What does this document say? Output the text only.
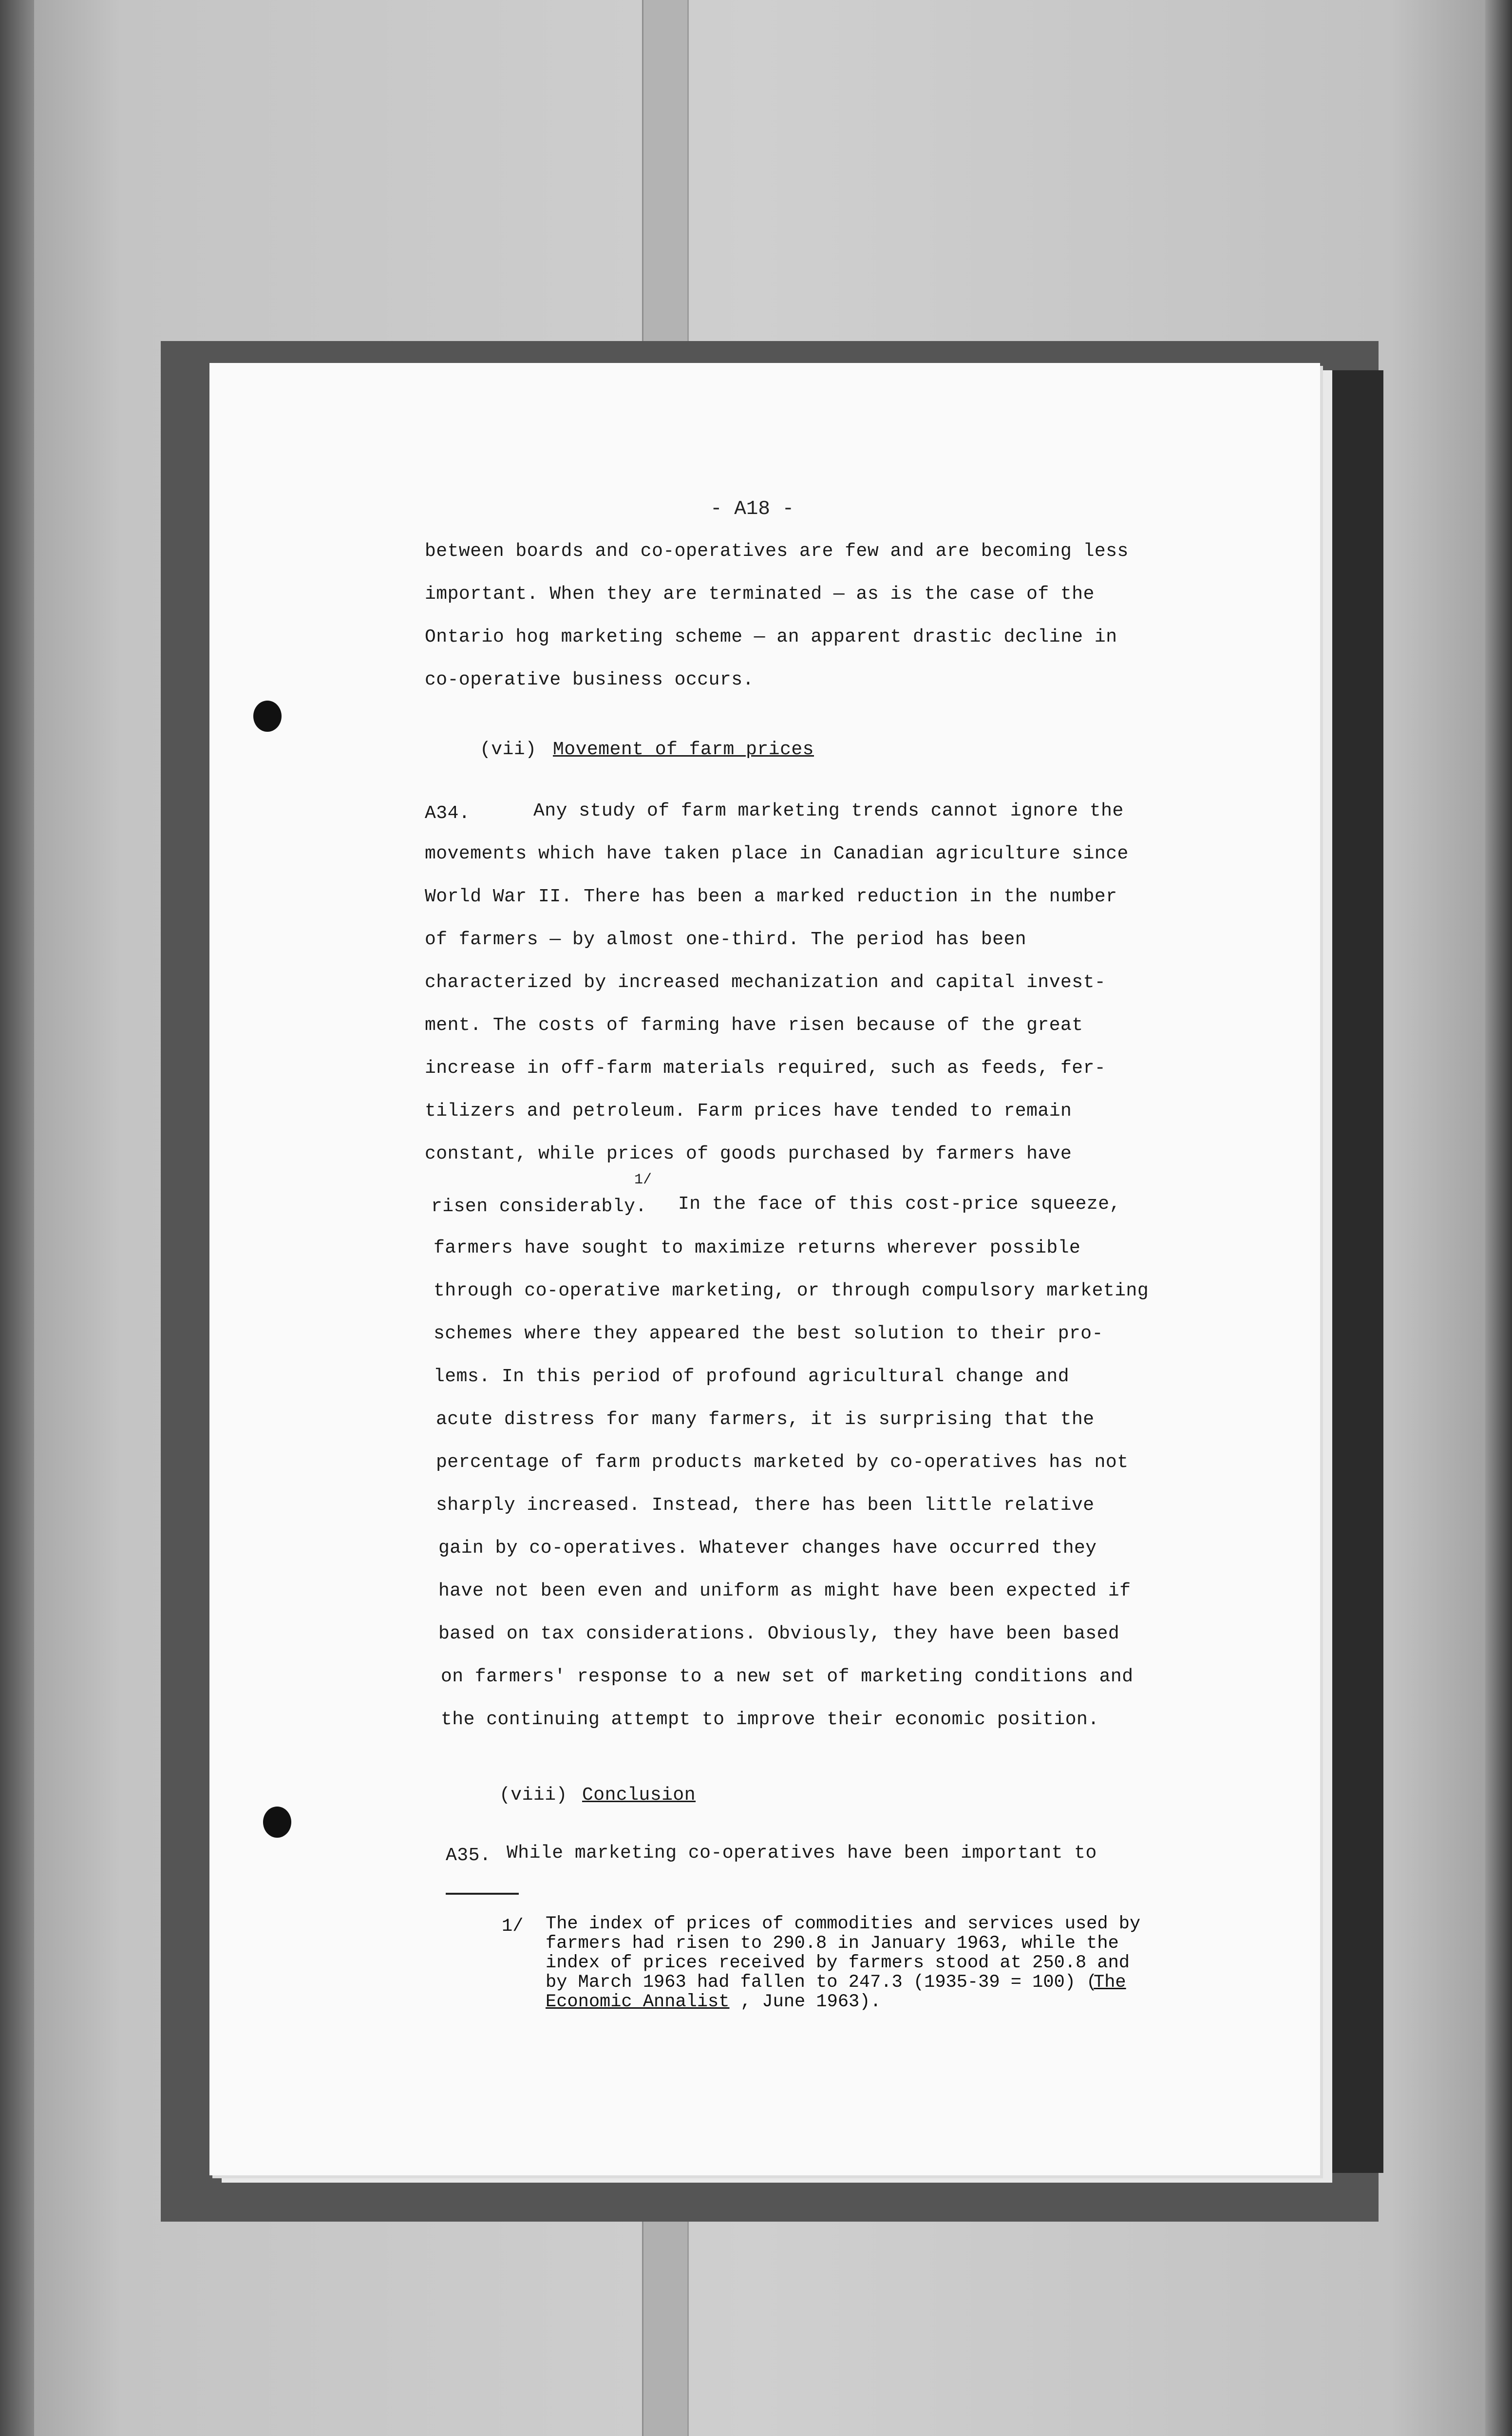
- A18 -
between boards and co-operatives are few and are becoming less
important. When they are terminated — as is the case of the
Ontario hog marketing scheme — an apparent drastic decline in
co-operative business occurs.
(vii) Movement of farm prices
A34.	Any study of farm marketing trends cannot ignore the
movements which have taken place in Canadian agriculture since
World War II. There has been a marked reduction in the number
of farmers — by almost one-third. The period has been
characterized by increased mechanization and capital invest-
ment. The costs of farming have risen because of the great
increase in off-farm materials required, such as feeds, fer-
tilizers and petroleum. Farm prices have tended to remain
constant, while prices of goods purchased by farmers have
risen considerably.
1/
In the face of this cost-price squeeze,
farmers have sought to maximize returns wherever possible
through co-operative marketing, or through compulsory marketing
schemes where they appeared the best solution to their pro-
lems. In this period of profound agricultural change and
acute distress for many farmers, it is surprising that the
percentage of farm products marketed by co-operatives has not
sharply increased. Instead, there has been little relative
gain by co-operatives. Whatever changes have occurred they
have not been even and uniform as might have been expected if
based on tax considerations. Obviously, they have been based
on farmers' response to a new set of marketing conditions and
the continuing attempt to improve their economic position.
(viii) Conclusion
A35. While marketing co-operatives have been important to
1/ The index of prices of commodities and services used by
farmers had risen to 290.8 in January 1963, while the
index of prices received by farmers stood at 250.8 and
by March 1963 had fallen to 247.3 (1935-39 = 100) (
The
Economic Annalist , June 1963).
